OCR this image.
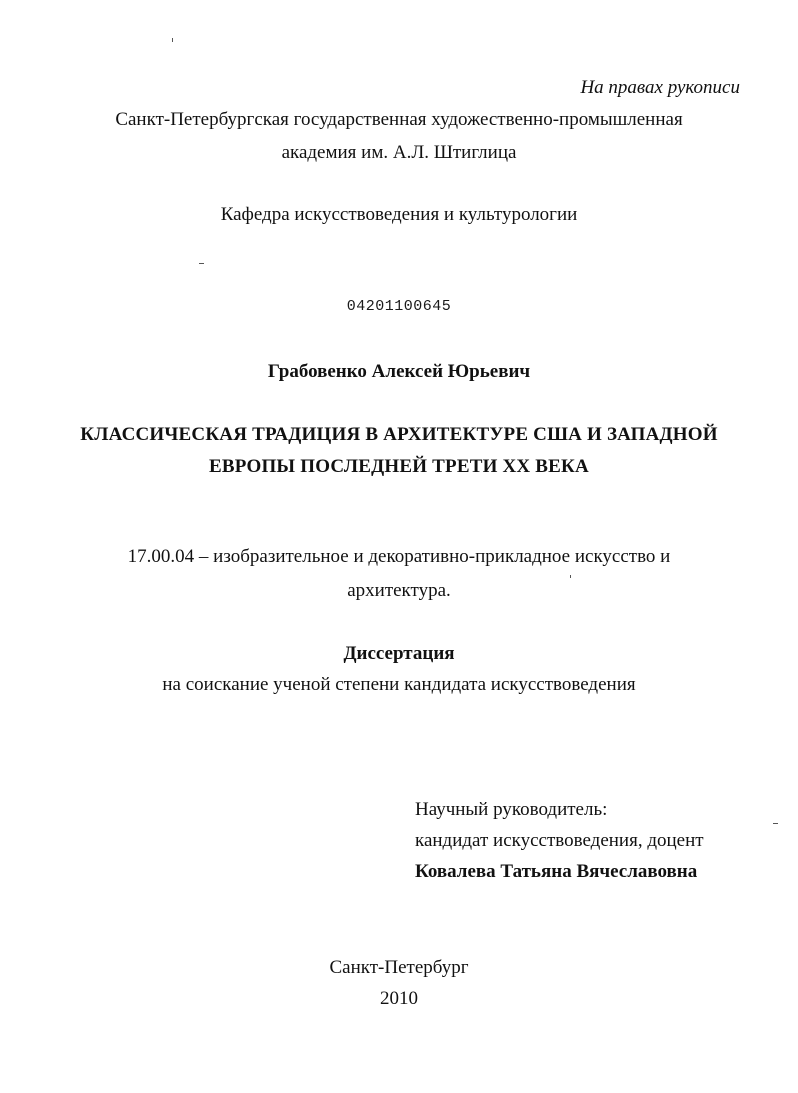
На правах рукописи
Санкт-Петербургская государственная художественно-промышленная
академия им. А.Л. Штиглица
Кафедра искусствоведения и культурологии
04201100645
Грабовенко Алексей Юрьевич
КЛАССИЧЕСКАЯ ТРАДИЦИЯ В АРХИТЕКТУРЕ США И ЗАПАДНОЙ
ЕВРОПЫ ПОСЛЕДНЕЙ ТРЕТИ XX ВЕКА
17.00.04 – изобразительное и декоративно-прикладное искусство и
архитектура.
Диссертация
на соискание ученой степени кандидата искусствоведения
Научный руководитель:
кандидат искусствоведения, доцент
Ковалева Татьяна Вячеславовна
Санкт-Петербург
2010
